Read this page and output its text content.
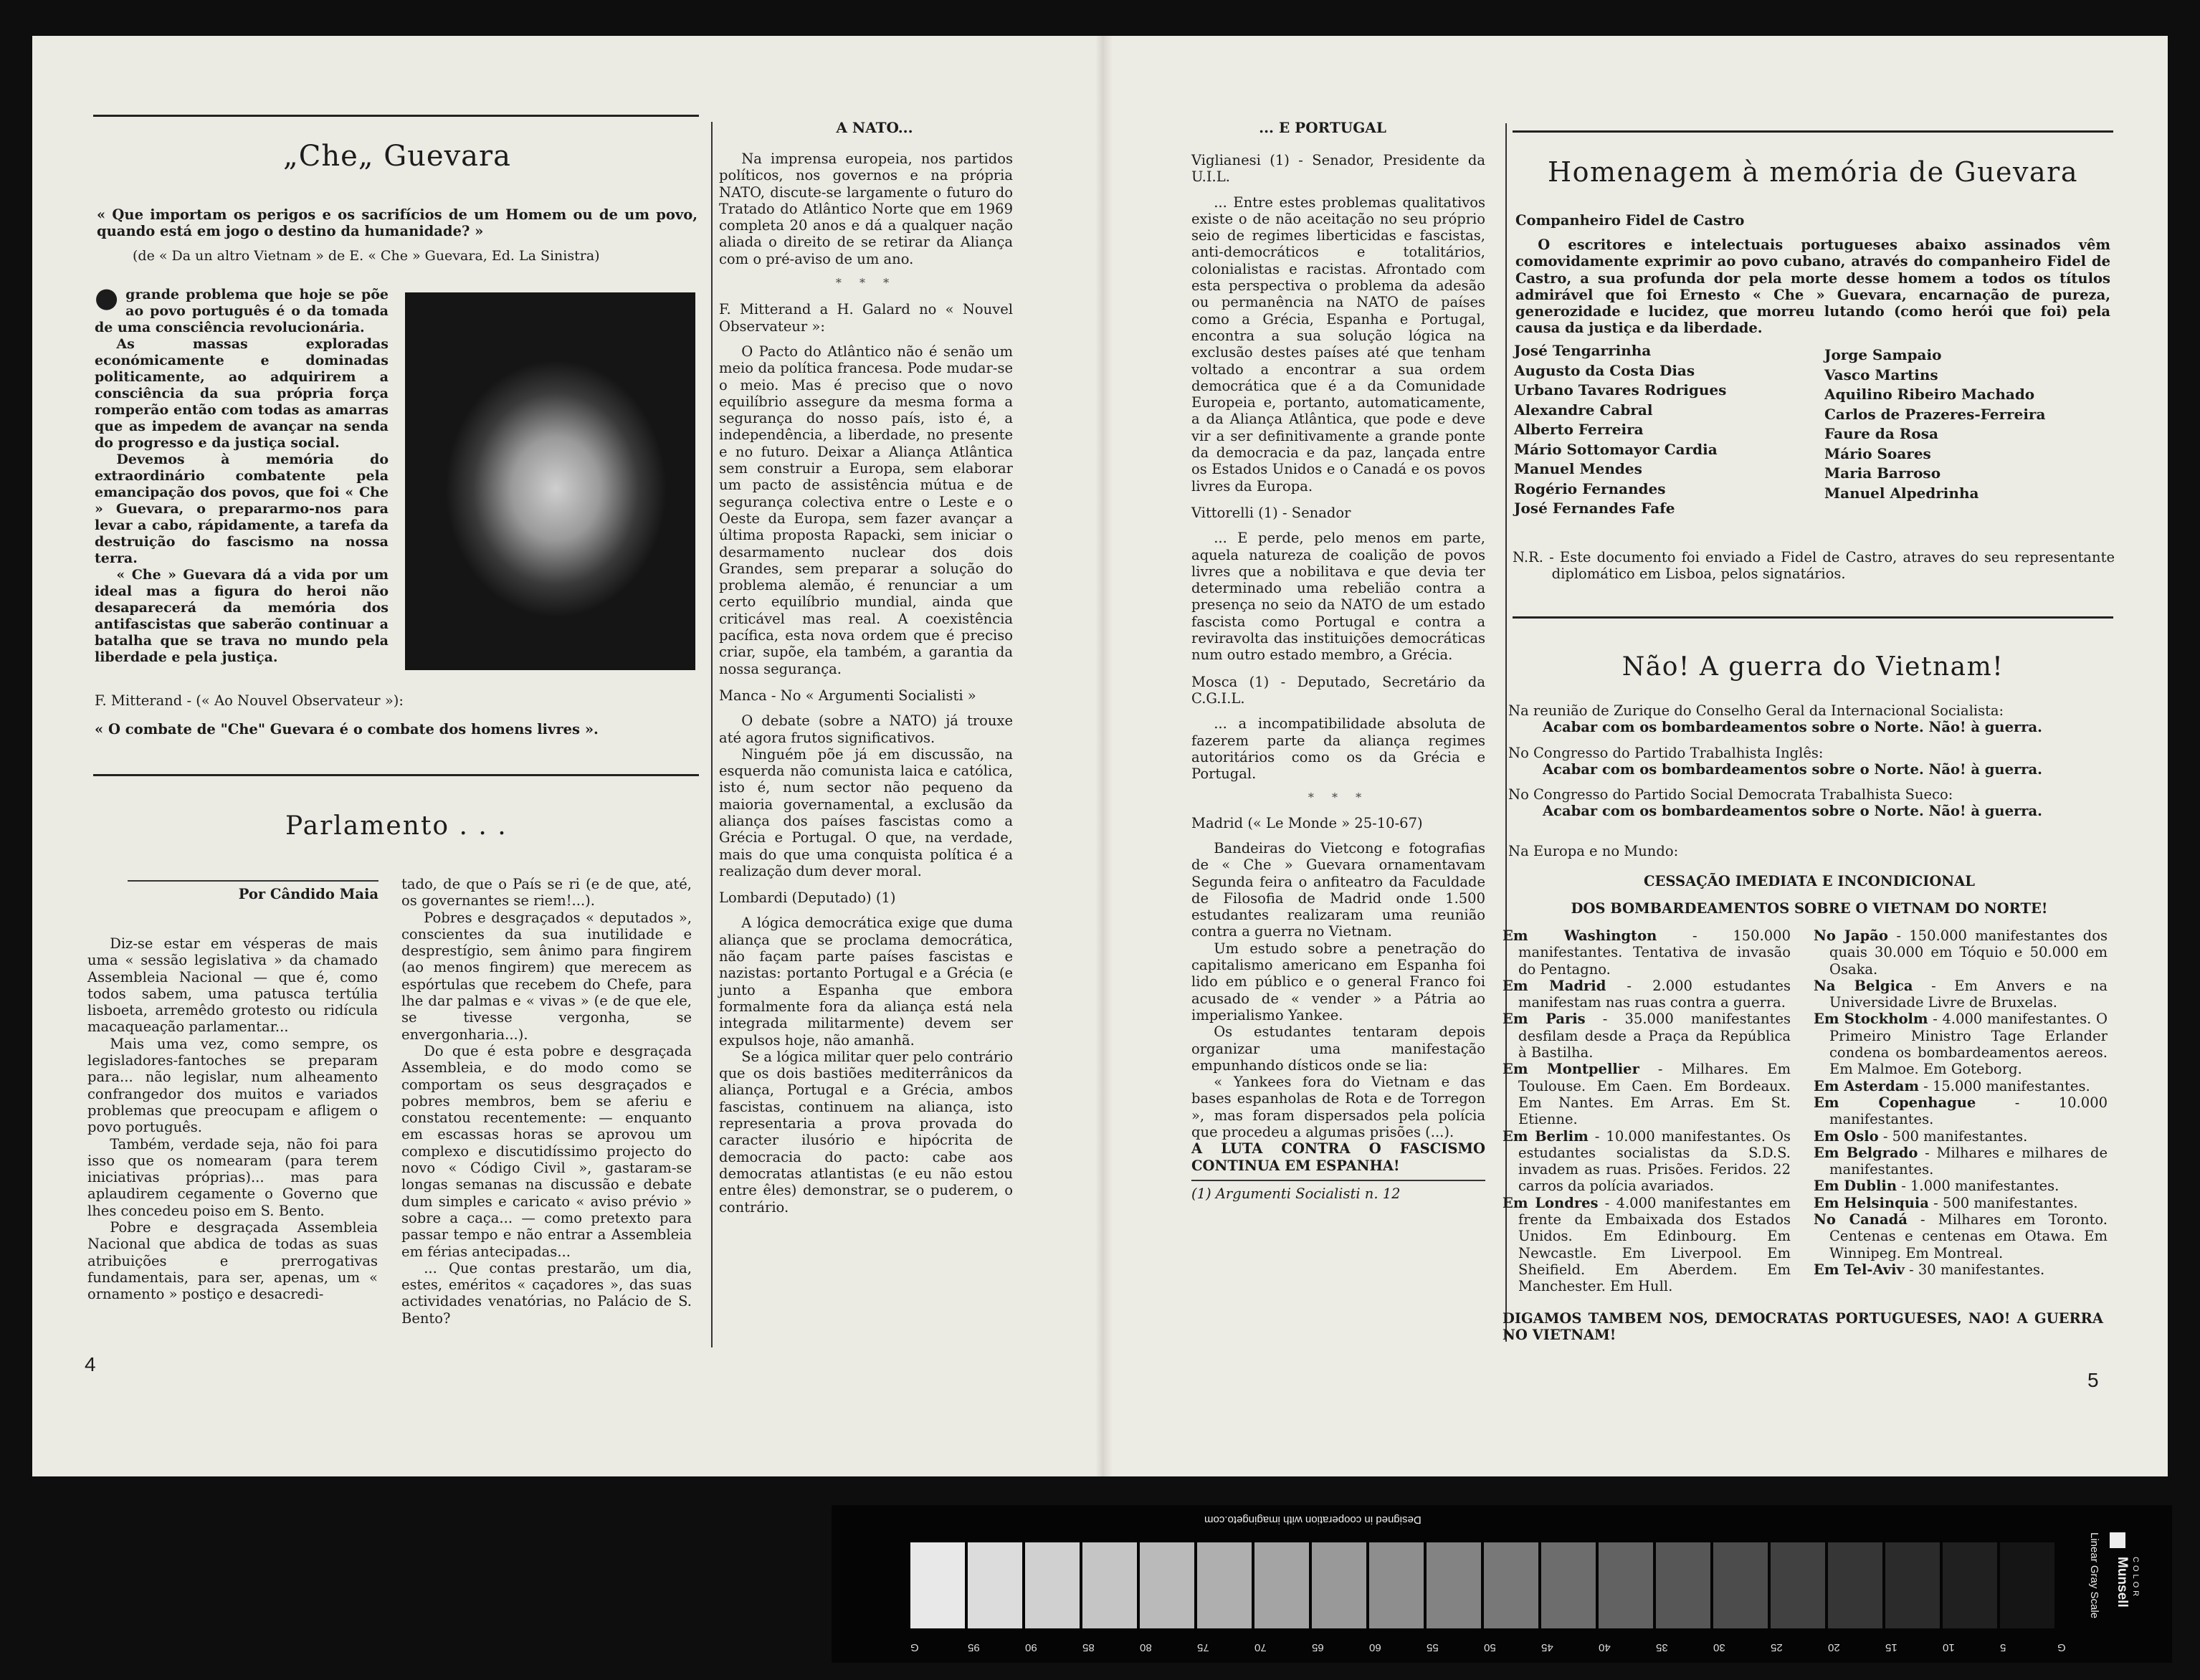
„Che„ Guevara
« Que importam os perigos e os sacrifícios de um Homem ou de um povo, quando está em jogo o destino da humanidade? »
(de « Da un altro Vietnam » de E. « Che » Guevara, Ed. La Sinistra)

● grande problema que hoje se põe ao povo português é o da tomada de uma consciência revolucionária.

As massas exploradas económicamente e dominadas politicamente, ao adquirirem a consciência da sua própria força romperão então com todas as amarras que as impedem de avançar na senda do progresso e da justiça social.

Devemos à memória do extraordinário combatente pela emancipação dos povos, que foi « Che » Guevara, o prepararmo-nos para levar a cabo, rápidamente, a tarefa da destruição do fascismo na nossa terra.

« Che » Guevara dá a vida por um ideal mas a figura do heroi não desaparecerá da memória dos antifascistas que saberão continuar a batalha que se trava no mundo pela liberdade e pela justiça.

F. Mitterand - (« Ao Nouvel Observateur »):
« O combate de "Che" Guevara é o combate dos homens livres ».
Parlamento . . .
Por Cândido Maia

Diz-se estar em vésperas de mais uma « sessão legislativa » da chamado Assembleia Nacional — que é, como todos sabem, uma patusca tertúlia lisboeta, arremêdo grotesto ou ridícula macaqueação parlamentar...

Mais uma vez, como sempre, os legisladores-fantoches se preparam para... não legislar, num alheamento confrangedor dos muitos e variados problemas que preocupam e afligem o povo português.

Também, verdade seja, não foi para isso que os nomearam (para terem iniciativas próprias)... mas para aplaudirem cegamente o Governo que lhes concedeu poiso em S. Bento.

Pobre e desgraçada Assembleia Nacional que abdica de todas as suas atribuições e prerrogativas fundamentais, para ser, apenas, um « ornamento » postiço e desacredi-

tado, de que o País se ri (e de que, até, os governantes se riem!...).

Pobres e desgraçados « deputados », conscientes da sua inutilidade e desprestígio, sem ânimo para fingirem (ao menos fingirem) que merecem as espórtulas que recebem do Chefe, para lhe dar palmas e « vivas » (e de que ele, se tivesse vergonha, se envergonharia...).

Do que é esta pobre e desgraçada Assembleia, e do modo como se comportam os seus desgraçados e pobres membros, bem se aferiu e constatou recentemente: — enquanto em escassas horas se aprovou um complexo e discutidíssimo projecto do novo « Código Civil », gastaram-se longas semanas na discussão e debate dum simples e caricato « aviso prévio » sobre a caça... — como pretexto para passar tempo e não entrar a Assembleia em férias antecipadas...

... Que contas prestarão, um dia, estes, eméritos « caçadores », das suas actividades venatórias, no Palácio de S. Bento?

A NATO...

Na imprensa europeia, nos partidos políticos, nos governos e na própria NATO, discute-se largamente o futuro do Tratado do Atlântico Norte que em 1969 completa 20 anos e dá a qualquer nação aliada o direito de se retirar da Aliança com o pré-aviso de um ano.

* * *

F. Mitterand a H. Galard no « Nouvel Observateur »:

O Pacto do Atlântico não é senão um meio da política francesa. Pode mudar-se o meio. Mas é preciso que o novo equilíbrio assegure da mesma forma a segurança do nosso país, isto é, a independência, a liberdade, no presente e no futuro. Deixar a Aliança Atlântica sem construir a Europa, sem elaborar um pacto de assistência mútua e de segurança colectiva entre o Leste e o Oeste da Europa, sem fazer avançar a última proposta Rapacki, sem iniciar o desarmamento nuclear dos dois Grandes, sem preparar a solução do problema alemão, é renunciar a um certo equilíbrio mundial, ainda que criticável mas real. A coexistência pacífica, esta nova ordem que é preciso criar, supõe, ela também, a garantia da nossa segurança.

Manca - No « Argumenti Socialisti »

O debate (sobre a NATO) já trouxe até agora frutos significativos.

Ninguém põe já em discussão, na esquerda não comunista laica e católica, isto é, num sector não pequeno da maioria governamental, a exclusão da aliança dos países fascistas como a Grécia e Portugal. O que, na verdade, mais do que uma conquista política é a realização dum dever moral.

Lombardi (Deputado) (1)

A lógica democrática exige que duma aliança que se proclama democrática, não façam parte países fascistas e nazistas: portanto Portugal e a Grécia (e junto a Espanha que embora formalmente fora da aliança está nela integrada militarmente) devem ser expulsos hoje, não amanhã.

Se a lógica militar quer pelo contrário que os dois bastiões mediterrânicos da aliança, Portugal e a Grécia, ambos fascistas, continuem na aliança, isto representaria a prova provada do caracter ilusório e hipócrita de democracia do pacto: cabe aos democratas atlantistas (e eu não estou entre êles) demonstrar, se o puderem, o contrário.

4
... E PORTUGAL

Viglianesi (1) - Senador, Presidente da U.I.L.

... Entre estes problemas qualitativos existe o de não aceitação no seu próprio seio de regimes liberticidas e fascistas, anti-democráticos e totalitários, colonialistas e racistas. Afrontado com esta perspectiva o problema da adesão ou permanência na NATO de países como a Grécia, Espanha e Portugal, encontra a sua solução lógica na exclusão destes países até que tenham voltado a encontrar a sua ordem democrática que é a da Comunidade Europeia e, portanto, automaticamente, a da Aliança Atlântica, que pode e deve vir a ser definitivamente a grande ponte da democracia e da paz, lançada entre os Estados Unidos e o Canadá e os povos livres da Europa.

Vittorelli (1) - Senador

... E perde, pelo menos em parte, aquela natureza de coalição de povos livres que a nobilitava e que devia ter determinado uma rebelião contra a presença no seio da NATO de um estado fascista como Portugal e contra a reviravolta das instituições democráticas num outro estado membro, a Grécia.

Mosca (1) - Deputado, Secretário da C.G.I.L.

... a incompatibilidade absoluta de fazerem parte da aliança regimes autoritários como os da Grécia e Portugal.

* * *

Madrid (« Le Monde » 25-10-67)

Bandeiras do Vietcong e fotografias de « Che » Guevara ornamentavam Segunda feira o anfiteatro da Faculdade de Filosofia de Madrid onde 1.500 estudantes realizaram uma reunião contra a guerra no Vietnam.

Um estudo sobre a penetração do capitalismo americano em Espanha foi lido em público e o general Franco foi acusado de « vender » a Pátria ao imperialismo Yankee.

Os estudantes tentaram depois organizar uma manifestação empunhando dísticos onde se lia:

« Yankees fora do Vietnam e das bases espanholas de Rota e de Torregon », mas foram dispersados pela polícia que procedeu a algumas prisões (...).

A LUTA CONTRA O FASCISMO CONTINUA EM ESPANHA!

(1) Argumenti Socialisti n. 12

Homenagem à memória de Guevara
Companheiro Fidel de Castro
O escritores e intelectuais portugueses abaixo assinados vêm comovidamente exprimir ao povo cubano, através do companheiro Fidel de Castro, a sua profunda dor pela morte desse homem a todos os títulos admirável que foi Ernesto « Che » Guevara, encarnação de pureza, generozidade e lucidez, que morreu lutando (como herói que foi) pela causa da justiça e da liberdade.
José Tengarrinha
Augusto da Costa Dias
Urbano Tavares Rodrigues
Alexandre Cabral
Alberto Ferreira
Mário Sottomayor Cardia
Manuel Mendes
Rogério Fernandes
José Fernandes Fafe
Jorge Sampaio
Vasco Martins
Aquilino Ribeiro Machado
Carlos de Prazeres-Ferreira
Faure da Rosa
Mário Soares
Maria Barroso
Manuel Alpedrinha
N.R. - Este documento foi enviado a Fidel de Castro, atraves do seu representante diplomático em Lisboa, pelos signatários.
Não! A guerra do Vietnam!

Na reunião de Zurique do Conselho Geral da Internacional Socialista:

Acabar com os bombardeamentos sobre o Norte. Não! à guerra.

No Congresso do Partido Trabalhista Inglês:

Acabar com os bombardeamentos sobre o Norte. Não! à guerra.

No Congresso do Partido Social Democrata Trabalhista Sueco:

Acabar com os bombardeamentos sobre o Norte. Não! à guerra.

Na Europa e no Mundo:
CESSAÇÃO IMEDIATA E INCONDICIONAL
DOS BOMBARDEAMENTOS SOBRE O VIETNAM DO NORTE!

Em Washington - 150.000 manifestantes. Tentativa de invasão do Pentagno.

Em Madrid - 2.000 estudantes manifestam nas ruas contra a guerra.

Em Paris - 35.000 manifestantes desfilam desde a Praça da República à Bastilha.

Em Montpellier - Milhares. Em Toulouse. Em Caen. Em Bordeaux. Em Nantes. Em Arras. Em St. Etienne.

Em Berlim - 10.000 manifestantes. Os estudantes socialistas da S.D.S. invadem as ruas. Prisões. Feridos. 22 carros da polícia avariados.

Em Londres - 4.000 manifestantes em frente da Embaixada dos Estados Unidos. Em Edinbourg. Em Newcastle. Em Liverpool. Em Sheifield. Em Aberdem. Em Manchester. Em Hull.

No Japão - 150.000 manifestantes dos quais 30.000 em Tóquio e 50.000 em Osaka.

Na Belgica - Em Anvers e na Universidade Livre de Bruxelas.

Em Stockholm - 4.000 manifestantes. O Primeiro Ministro Tage Erlander condena os bombardeamentos aereos. Em Malmoe. Em Goteborg.

Em Asterdam - 15.000 manifestantes.

Em Copenhague - 10.000 manifestantes.

Em Oslo - 500 manifestantes.

Em Belgrado - Milhares e milhares de manifestantes.

Em Dublin - 1.000 manifestantes.

Em Helsinquia - 500 manifestantes.

No Canadá - Milhares em Toronto. Centenas e centenas em Otawa. Em Winnipeg. Em Montreal.

Em Tel-Aviv - 30 manifestantes.

DIGAMOS TAMBEM NOS, DEMOCRATAS PORTUGUESES, NAO! A GUERRA NO VIETNAM!
5
G	95	90	85	80	75	70	65	60	55	50	45	40	35	30	25	20	15	10	5	G
Designed in cooperation with imagingeto.com
Munsell COLOR
Linear Gray Scale
